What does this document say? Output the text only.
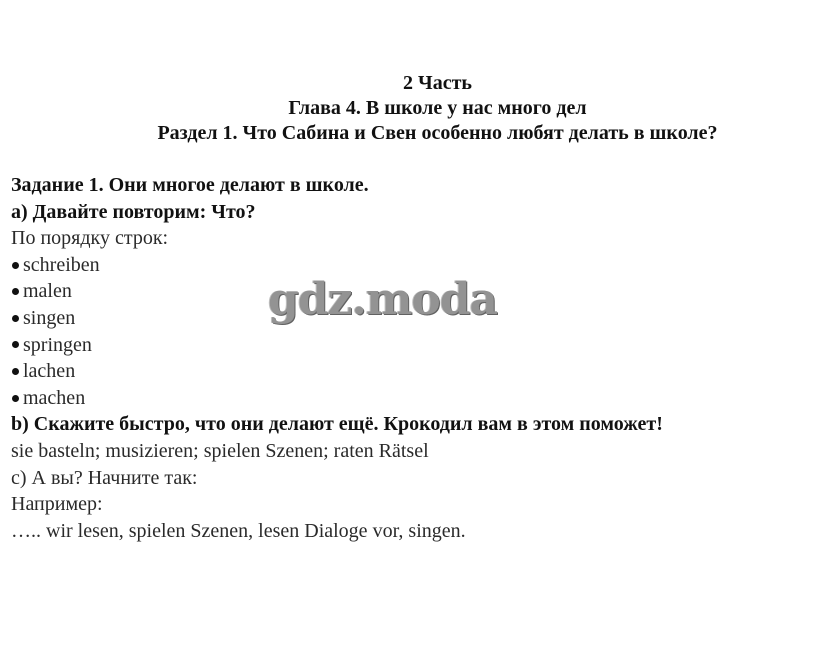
2 Часть
Глава 4. В школе у нас много дел
Раздел 1. Что Сабина и Свен особенно любят делать в школе?
Задание 1. Они многое делают в школе.
а) Давайте повторим: Что?
По порядку строк:
schreiben
malen
singen
springen
lachen
machen
b) Скажите быстро, что они делают ещё. Крокодил вам в этом поможет!
sie basteln; musizieren; spielen Szenen; raten Rätsel
c) А вы? Начните так:
Например:
….. wir lesen, spielen Szenen, lesen Dialoge vor, singen.
gdz.moda
